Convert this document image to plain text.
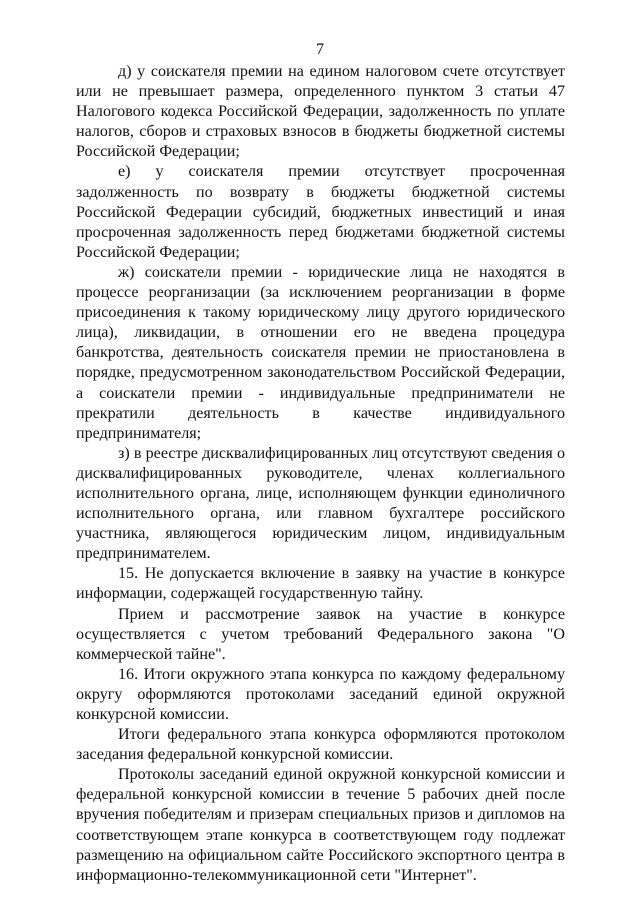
7

д) у соискателя премии на едином налоговом счете отсутствует или не превышает размера, определенного пунктом 3 статьи 47 Налогового кодекса Российской Федерации, задолженность по уплате налогов, сборов и страховых взносов в бюджеты бюджетной системы Российской Федерации;

е) у соискателя премии отсутствует просроченная задолженность по возврату в бюджеты бюджетной системы Российской Федерации субсидий, бюджетных инвестиций и иная просроченная задолженность перед бюджетами бюджетной системы Российской Федерации;

ж) соискатели премии - юридические лица не находятся в процессе реорганизации (за исключением реорганизации в форме присоединения к такому юридическому лицу другого юридического лица), ликвидации, в отношении его не введена процедура банкротства, деятельность соискателя премии не приостановлена в порядке, предусмотренном законодательством Российской Федерации, а соискатели премии - индивидуальные предприниматели не прекратили деятельность в качестве индивидуального предпринимателя;

з) в реестре дисквалифицированных лиц отсутствуют сведения о дисквалифицированных руководителе, членах коллегиального исполнительного органа, лице, исполняющем функции единоличного исполнительного органа, или главном бухгалтере российского участника, являющегося юридическим лицом, индивидуальным предпринимателем.

15. Не допускается включение в заявку на участие в конкурсе информации, содержащей государственную тайну.

Прием и рассмотрение заявок на участие в конкурсе осуществляется с учетом требований Федерального закона "О коммерческой тайне".

16. Итоги окружного этапа конкурса по каждому федеральному округу оформляются протоколами заседаний единой окружной конкурсной комиссии.

Итоги федерального этапа конкурса оформляются протоколом заседания федеральной конкурсной комиссии.

Протоколы заседаний единой окружной конкурсной комиссии и федеральной конкурсной комиссии в течение 5 рабочих дней после вручения победителям и призерам специальных призов и дипломов на соответствующем этапе конкурса в соответствующем году подлежат размещению на официальном сайте Российского экспортного центра в информационно-телекоммуникационной сети "Интернет".
